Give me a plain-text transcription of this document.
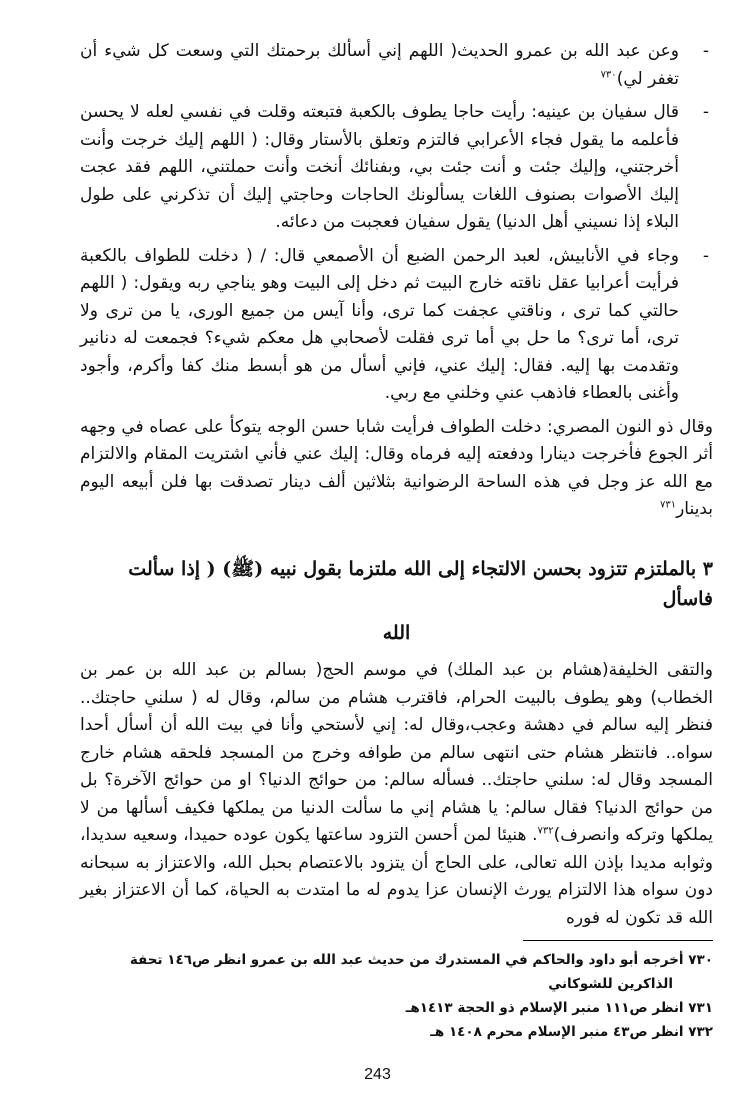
-
وعن عبد الله بن عمرو الحديث( اللهم إني أسألك برحمتك التي وسعت كل شيء أن تغفر لي)$^{٧٣٠}$
-
قال سفيان بن عينيه: رأيت حاجا يطوف بالكعبة فتبعته وقلت في نفسي لعله لا يحسن فأعلمه ما يقول فجاء الأعرابي فالتزم وتعلق بالأستار وقال: ( اللهم إليك خرجت وأنت أخرجتني، وإليك جئت و أنت جئت بي، وبفنائك أنخت وأنت حملتني، اللهم فقد عجت إليك الأصوات بصنوف اللغات يسألونك الحاجات وحاجتي إليك أن تذكرني على طول البلاء إذا نسيني أهل الدنيا) يقول سفيان فعجبت من دعائه.
-
وجاء في الأنابيش، لعبد الرحمن الضبع أن الأصمعي قال: / ( دخلت للطواف بالكعبة فرأيت أعرابيا عقل ناقته خارج البيت ثم دخل إلى البيت وهو يناجي ربه ويقول: ( اللهم حالتي كما ترى ، وناقتي عجفت كما ترى، وأنا آيس من جميع الورى، يا من ترى ولا ترى، أما ترى؟ ما حل بي أما ترى فقلت لأصحابي هل معكم شيء؟ فجمعت له دنانير وتقدمت بها إليه. فقال: إليك عني، فإني أسأل من هو أبسط منك كفا وأكرم، وأجود وأغنى بالعطاء فاذهب عني وخلني مع ربي.

وقال ذو النون المصري: دخلت الطواف فرأيت شابا حسن الوجه يتوكأ على عصاه في وجهه أثر الجوع فأخرجت دينارا ودفعته إليه فرماه وقال: إليك عني فأني اشتريت المقام والالتزام مع الله عز وجل في هذه الساحة الرضوانية بثلاثين ألف دينار تصدقت بها فلن أبيعه اليوم بدينار$^{٧٣١}$

٣ بالملتزم تتزود بحسن الالتجاء إلى الله ملتزما بقول نبيه (ﷺ) ( إذا سألت فاسأل
الله

والتقى الخليفة(هشام بن عبد الملك) في موسم الحج( بسالم بن عبد الله بن عمر بن الخطاب) وهو يطوف بالبيت الحرام، فاقترب هشام من سالم، وقال له ( سلني حاجتك.. فنظر إليه سالم في دهشة وعجب،وقال له: إني لأستحي وأنا في بيت الله أن أسأل أحدا سواه.. فانتظر هشام حتى انتهى سالم من طوافه وخرج من المسجد فلحقه هشام خارج المسجد وقال له: سلني حاجتك.. فسأله سالم: من حوائج الدنيا؟ او من حوائج الآخرة؟ بل من حوائج الدنيا؟ فقال سالم: يا هشام إني ما سألت الدنيا من يملكها فكيف أسألها من لا يملكها وتركه وانصرف)$^{٧٣٢}$. هنيئا لمن أحسن التزود ساعتها يكون عوده حميدا، وسعيه سديدا، وثوابه مديدا بإذن الله تعالى، على الحاج أن يتزود بالاعتصام بحبل الله، والاعتزاز به سبحانه دون سواه هذا الالتزام يورث الإنسان عزا يدوم له ما امتدت به الحياة، كما أن الاعتزاز بغير الله قد تكون له فوره

٧٣٠ أخرجه أبو داود والحاكم في المستدرك من حديث عبد الله بن عمرو انظر ص١٤٦ تحفة
الذاكرين للشوكاني
٧٣١ انظر ص١١١ منبر الإسلام ذو الحجة ١٤١٣هـ
٧٣٢ انظر ص٤٣ منبر الإسلام محرم ١٤٠٨ هـ
243
